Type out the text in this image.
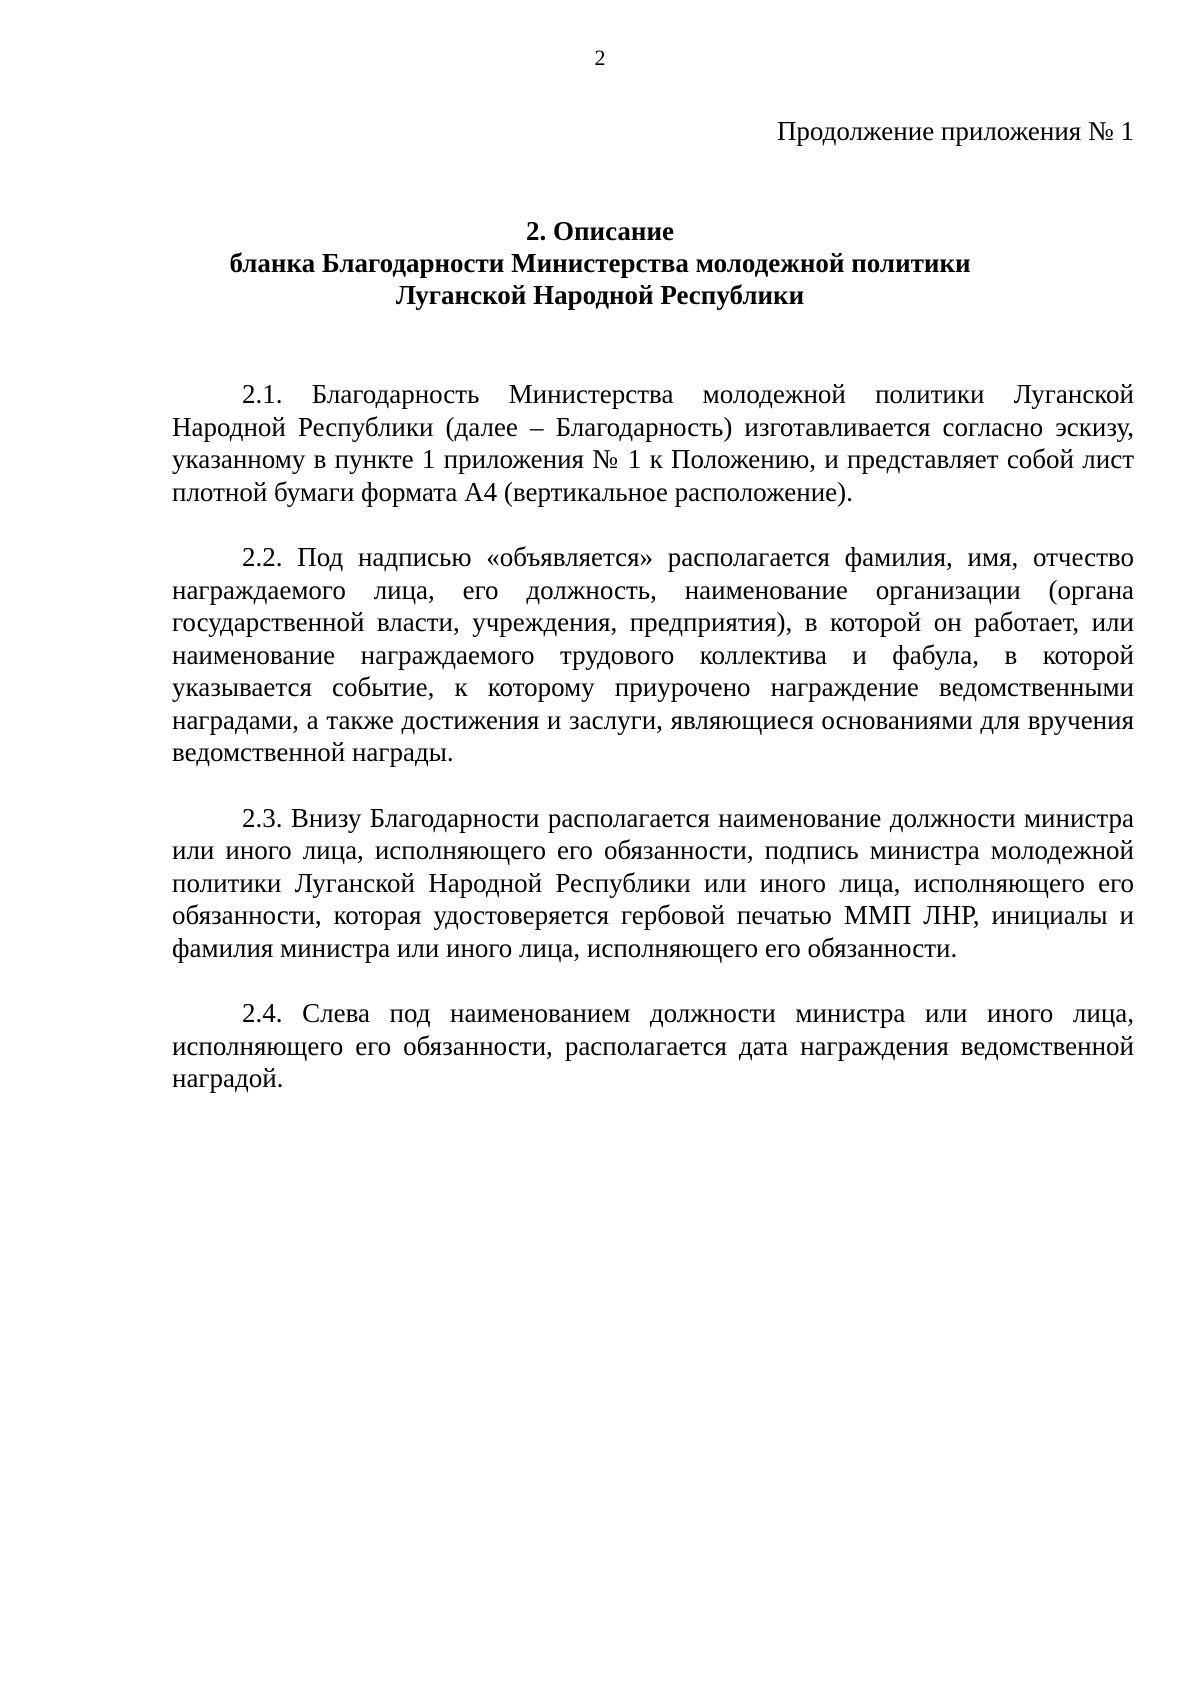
2
Продолжение приложения № 1
2. Описание
бланка Благодарности Министерства молодежной политики
Луганской Народной Республики

2.1. Благодарность Министерства молодежной политики Луганской Народной Республики (далее – Благодарность) изготавливается согласно эскизу, указанному в пункте 1 приложения № 1 к Положению, и представляет собой лист плотной бумаги формата А4 (вертикальное расположение).

2.2. Под надписью «объявляется» располагается фамилия, имя, отчество награждаемого лица, его должность, наименование организации (органа государственной власти, учреждения, предприятия), в которой он работает, или наименование награждаемого трудового коллектива и фабула, в которой указывается событие, к которому приурочено награждение ведомственными наградами, а также достижения и заслуги, являющиеся основаниями для вручения ведомственной награды.

2.3. Внизу Благодарности располагается наименование должности министра или иного лица, исполняющего его обязанности, подпись министра молодежной политики Луганской Народной Республики или иного лица, исполняющего его обязанности, которая удостоверяется гербовой печатью ММП ЛНР, инициалы и фамилия министра или иного лица, исполняющего его обязанности.

2.4. Слева под наименованием должности министра или иного лица, исполняющего его обязанности, располагается дата награждения ведомственной наградой.
